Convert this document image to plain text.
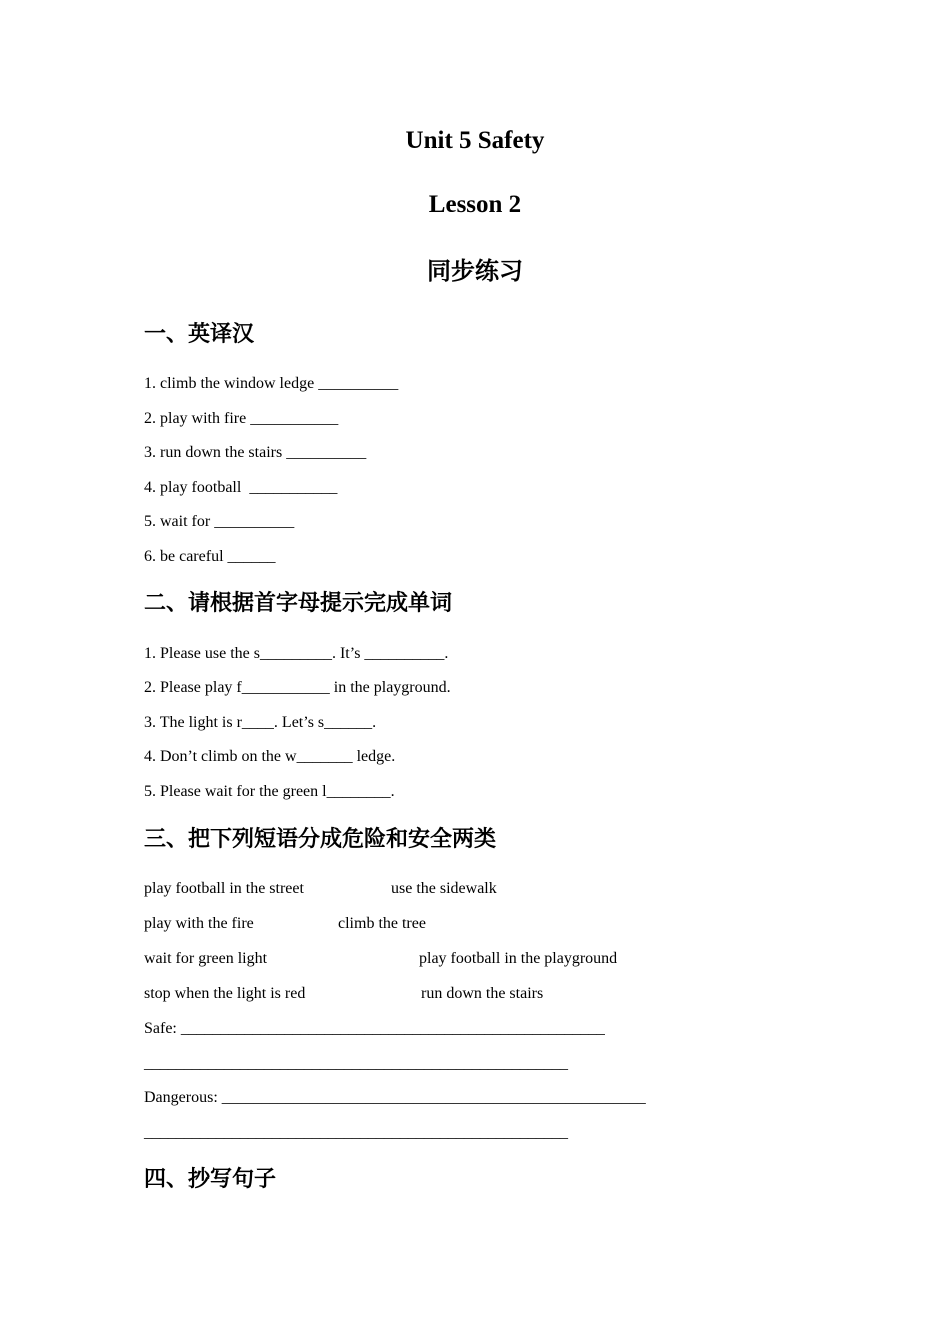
Unit 5 Safety
Lesson 2
同步练习
一、英译汉
1. climb the window ledge __________
2. play with fire ___________
3. run down the stairs __________
4. play football  ___________
5. wait for __________
6. be careful ______
二、请根据首字母提示完成单词
1. Please use the s_________. It’s __________.
2. Please play f___________ in the playground.
3. The light is r____. Let’s s______.
4. Don’t climb on the w_______ ledge.
5. Please wait for the green l________.
三、把下列短语分成危险和安全两类
play football in the street	use the sidewalk
play with the fire	climb the tree
wait for green light	play football in the playground
stop when the light is red	run down the stairs
Safe: _____________________________________________________
_____________________________________________________
Dangerous: _____________________________________________________
_____________________________________________________
四、抄写句子
